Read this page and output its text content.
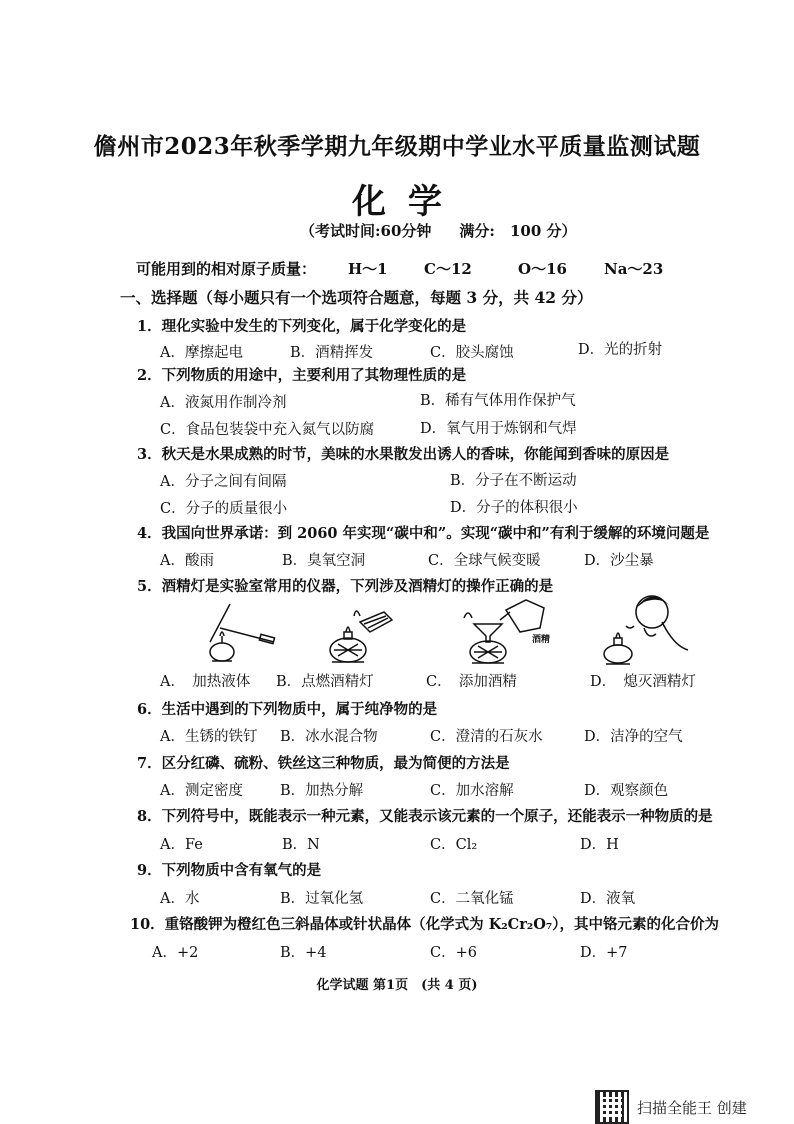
儋州市2023年秋季学期九年级期中学业水平质量监测试题
化学
（考试时间:60分钟 满分:　100 分）
可能用到的相对原子质量： H～1 C～12	O～16 Na～23
一、选择题（每小题只有一个选项符合题意，每题 3 分，共 42 分）
1．理化实验中发生的下列变化，属于化学变化的是
A．摩擦起电	B．酒精挥发	C．胶头腐蚀	D．光的折射
2．下列物质的用途中，主要利用了其物理性质的是
A．液氮用作制冷剂	B．稀有气体用作保护气
C．食品包装袋中充入氮气以防腐	D．氧气用于炼钢和气焊
3．秋天是水果成熟的时节，美味的水果散发出诱人的香味，你能闻到香味的原因是
A．分子之间有间隔	B．分子在不断运动
C．分子的质量很小	D．分子的体积很小
4．我国向世界承诺：到 2060 年实现“碳中和”。实现“碳中和”有利于缓解的环境问题是
A．酸雨	B．臭氧空洞	C．全球气候变暖	D．沙尘暴
5．酒精灯是实验室常用的仪器，下列涉及酒精灯的操作正确的是
酒精
A．　加热液体 B．点燃酒精灯	C．　添加酒精	D．　熄灭酒精灯
6．生活中遇到的下列物质中，属于纯净物的是
A．生锈的铁钉 B．冰水混合物	C．澄清的石灰水	D．洁净的空气
7．区分红磷、硫粉、铁丝这三种物质，最为简便的方法是
A．测定密度	B．加热分解	C．加水溶解	D．观察颜色
8．下列符号中，既能表示一种元素，又能表示该元素的一个原子，还能表示一种物质的是
A．Fe	B．N	C．Cl₂	D．H
9．下列物质中含有氧气的是
A．水	B．过氧化氢	C．二氧化锰	D．液氧
10．重铬酸钾为橙红色三斜晶体或针状晶体（化学式为 K₂Cr₂O₇），其中铬元素的化合价为
A．+2	B．+4	C．+6	D．+7
化学试题 第1页　(共 4 页)
扫描全能王 创建
